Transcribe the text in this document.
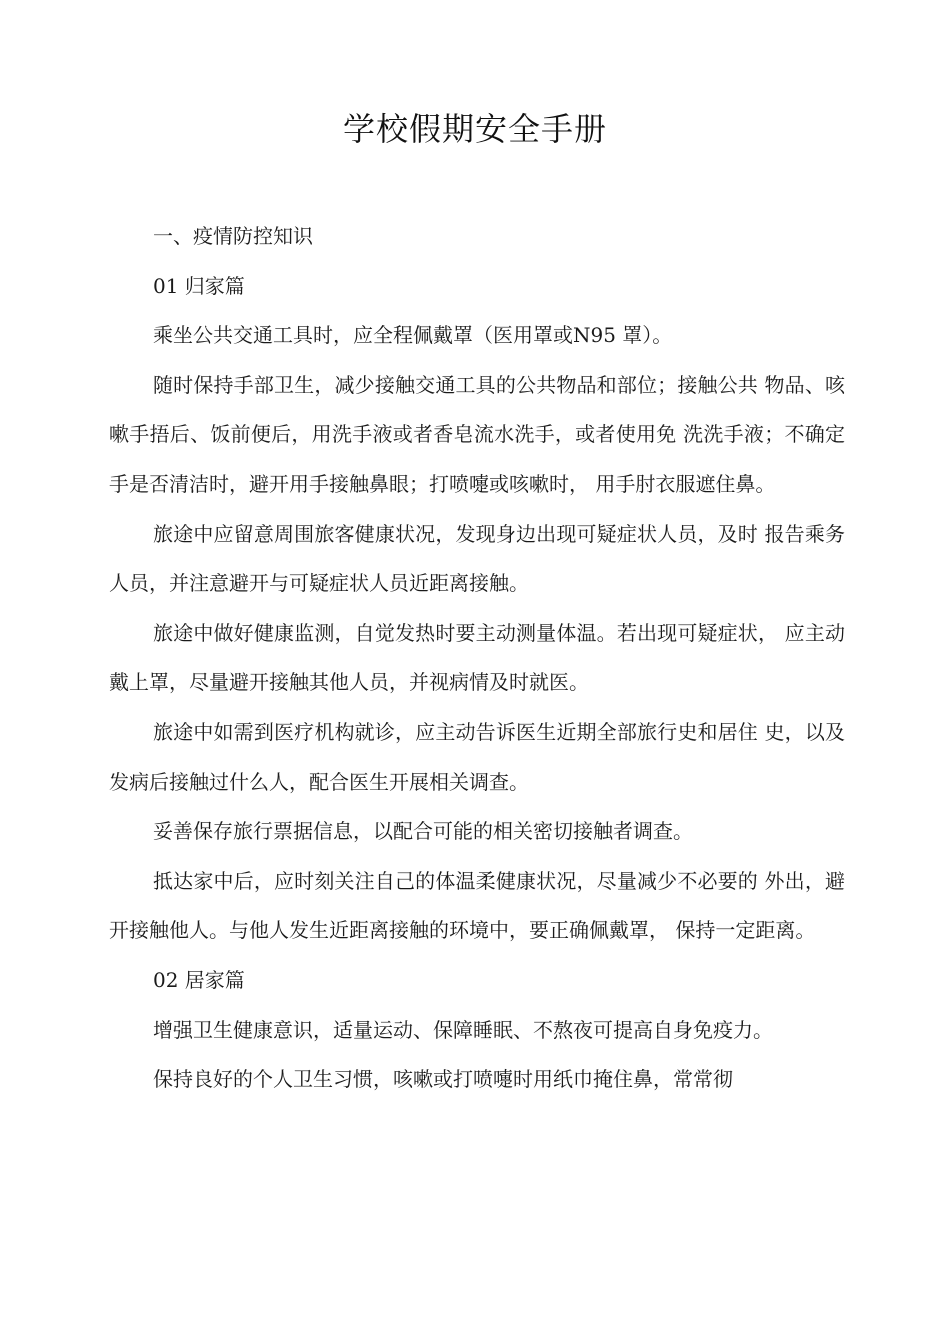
学校假期安全手册

一、疫情防控知识

01 归家篇

乘坐公共交通工具时，应全程佩戴罩（医用罩或N95 罩）。

随时保持手部卫生，减少接触交通工具的公共物品和部位；接触公共 物品、咳嗽手捂后、饭前便后，用洗手液或者香皂流水洗手，或者使用免 洗洗手液；不确定手是否清洁时，避开用手接触鼻眼；打喷嚏或咳嗽时， 用手肘衣服遮住鼻。

旅途中应留意周围旅客健康状况，发现身边出现可疑症状人员，及时 报告乘务人员，并注意避开与可疑症状人员近距离接触。

旅途中做好健康监测，自觉发热时要主动测量体温。若出现可疑症状， 应主动戴上罩，尽量避开接触其他人员，并视病情及时就医。

旅途中如需到医疗机构就诊，应主动告诉医生近期全部旅行史和居住 史，以及发病后接触过什么人，配合医生开展相关调查。

妥善保存旅行票据信息，以配合可能的相关密切接触者调查。

抵达家中后，应时刻关注自己的体温柔健康状况，尽量减少不必要的 外出，避开接触他人。与他人发生近距离接触的环境中，要正确佩戴罩， 保持一定距离。

02 居家篇

增强卫生健康意识，适量运动、保障睡眠、不熬夜可提高自身免疫力。

保持良好的个人卫生习惯，咳嗽或打喷嚏时用纸巾掩住鼻，常常彻
